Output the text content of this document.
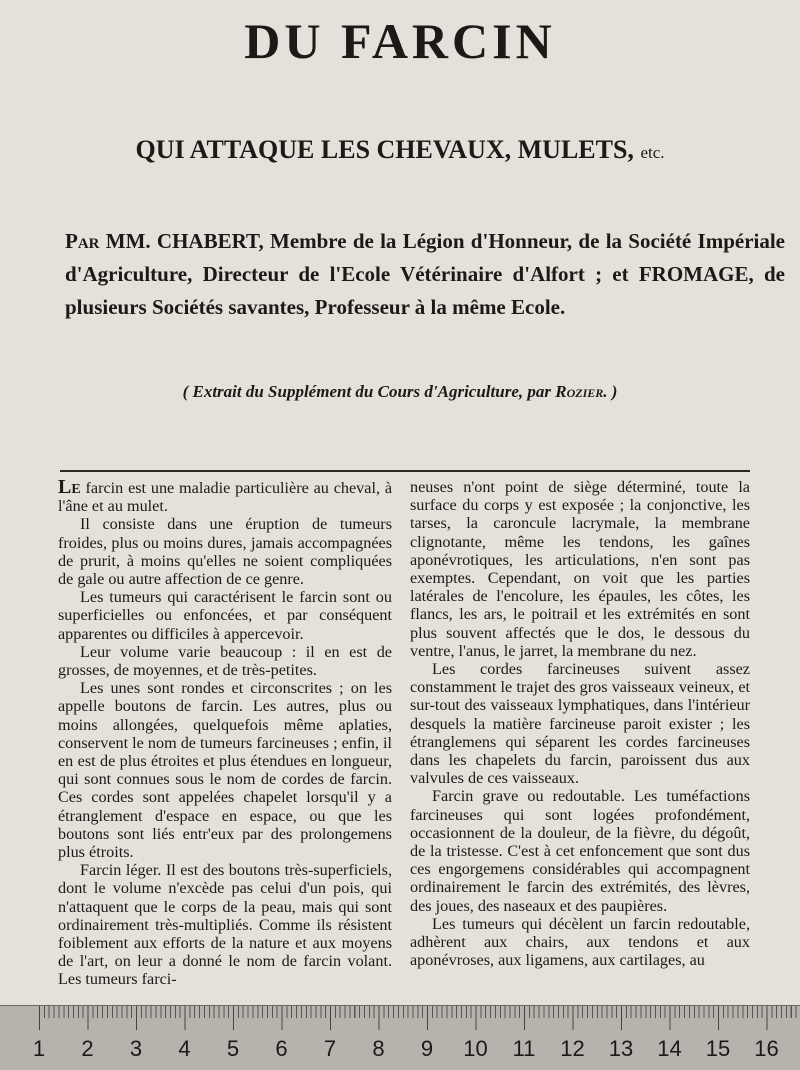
DU FARCIN
QUI ATTAQUE LES CHEVAUX, MULETS, etc.
Par MM. CHABERT, Membre de la Légion d'Honneur, de la Société Impériale d'Agriculture, Directeur de l'Ecole Vétérinaire d'Alfort ; et FROMAGE, de plusieurs Sociétés savantes, Professeur à la même Ecole.
( Extrait du Supplément du Cours d'Agriculture, par Rozier. )

Le farcin est une maladie particulière au cheval, à l'âne et au mulet.

Il consiste dans une éruption de tumeurs froides, plus ou moins dures, jamais accompagnées de prurit, à moins qu'elles ne soient compliquées de gale ou autre affection de ce genre.

Les tumeurs qui caractérisent le farcin sont ou superficielles ou enfoncées, et par conséquent apparentes ou difficiles à appercevoir.

Leur volume varie beaucoup : il en est de grosses, de moyennes, et de très-petites.

Les unes sont rondes et circonscrites ; on les appelle boutons de farcin. Les autres, plus ou moins allongées, quelquefois même aplaties, conservent le nom de tumeurs farcineuses ; enfin, il en est de plus étroites et plus étendues en longueur, qui sont connues sous le nom de cordes de farcin. Ces cordes sont appelées chapelet lorsqu'il y a étranglement d'espace en espace, ou que les boutons sont liés entr'eux par des prolongemens plus étroits.

Farcin léger. Il est des boutons très-superficiels, dont le volume n'excède pas celui d'un pois, qui n'attaquent que le corps de la peau, mais qui sont ordinairement très-multipliés. Comme ils résistent foiblement aux efforts de la nature et aux moyens de l'art, on leur a donné le nom de farcin volant. Les tumeurs farci-

neuses n'ont point de siège déterminé, toute la surface du corps y est exposée ; la conjonctive, les tarses, la caroncule lacrymale, la membrane clignotante, même les tendons, les gaînes aponévrotiques, les articulations, n'en sont pas exemptes. Cependant, on voit que les parties latérales de l'encolure, les épaules, les côtes, les flancs, les ars, le poitrail et les extrémités en sont plus souvent affectés que le dos, le dessous du ventre, l'anus, le jarret, la membrane du nez.

Les cordes farcineuses suivent assez constamment le trajet des gros vaisseaux veineux, et sur-tout des vaisseaux lymphatiques, dans l'intérieur desquels la matière farcineuse paroit exister ; les étranglemens qui séparent les cordes farcineuses dans les chapelets du farcin, paroissent dus aux valvules de ces vaisseaux.

Farcin grave ou redoutable. Les tuméfactions farcineuses qui sont logées profondément, occasionnent de la douleur, de la fièvre, du dégoût, de la tristesse. C'est à cet enfoncement que sont dus ces engorgemens considérables qui accompagnent ordinairement le farcin des extrémités, des lèvres, des joues, des naseaux et des paupières.

Les tumeurs qui décèlent un farcin redoutable, adhèrent aux chairs, aux tendons et aux aponévroses, aux ligamens, aux cartilages, au

1	2	3	4	5	6	7	8	9	10 11 12 13 14 15 16
